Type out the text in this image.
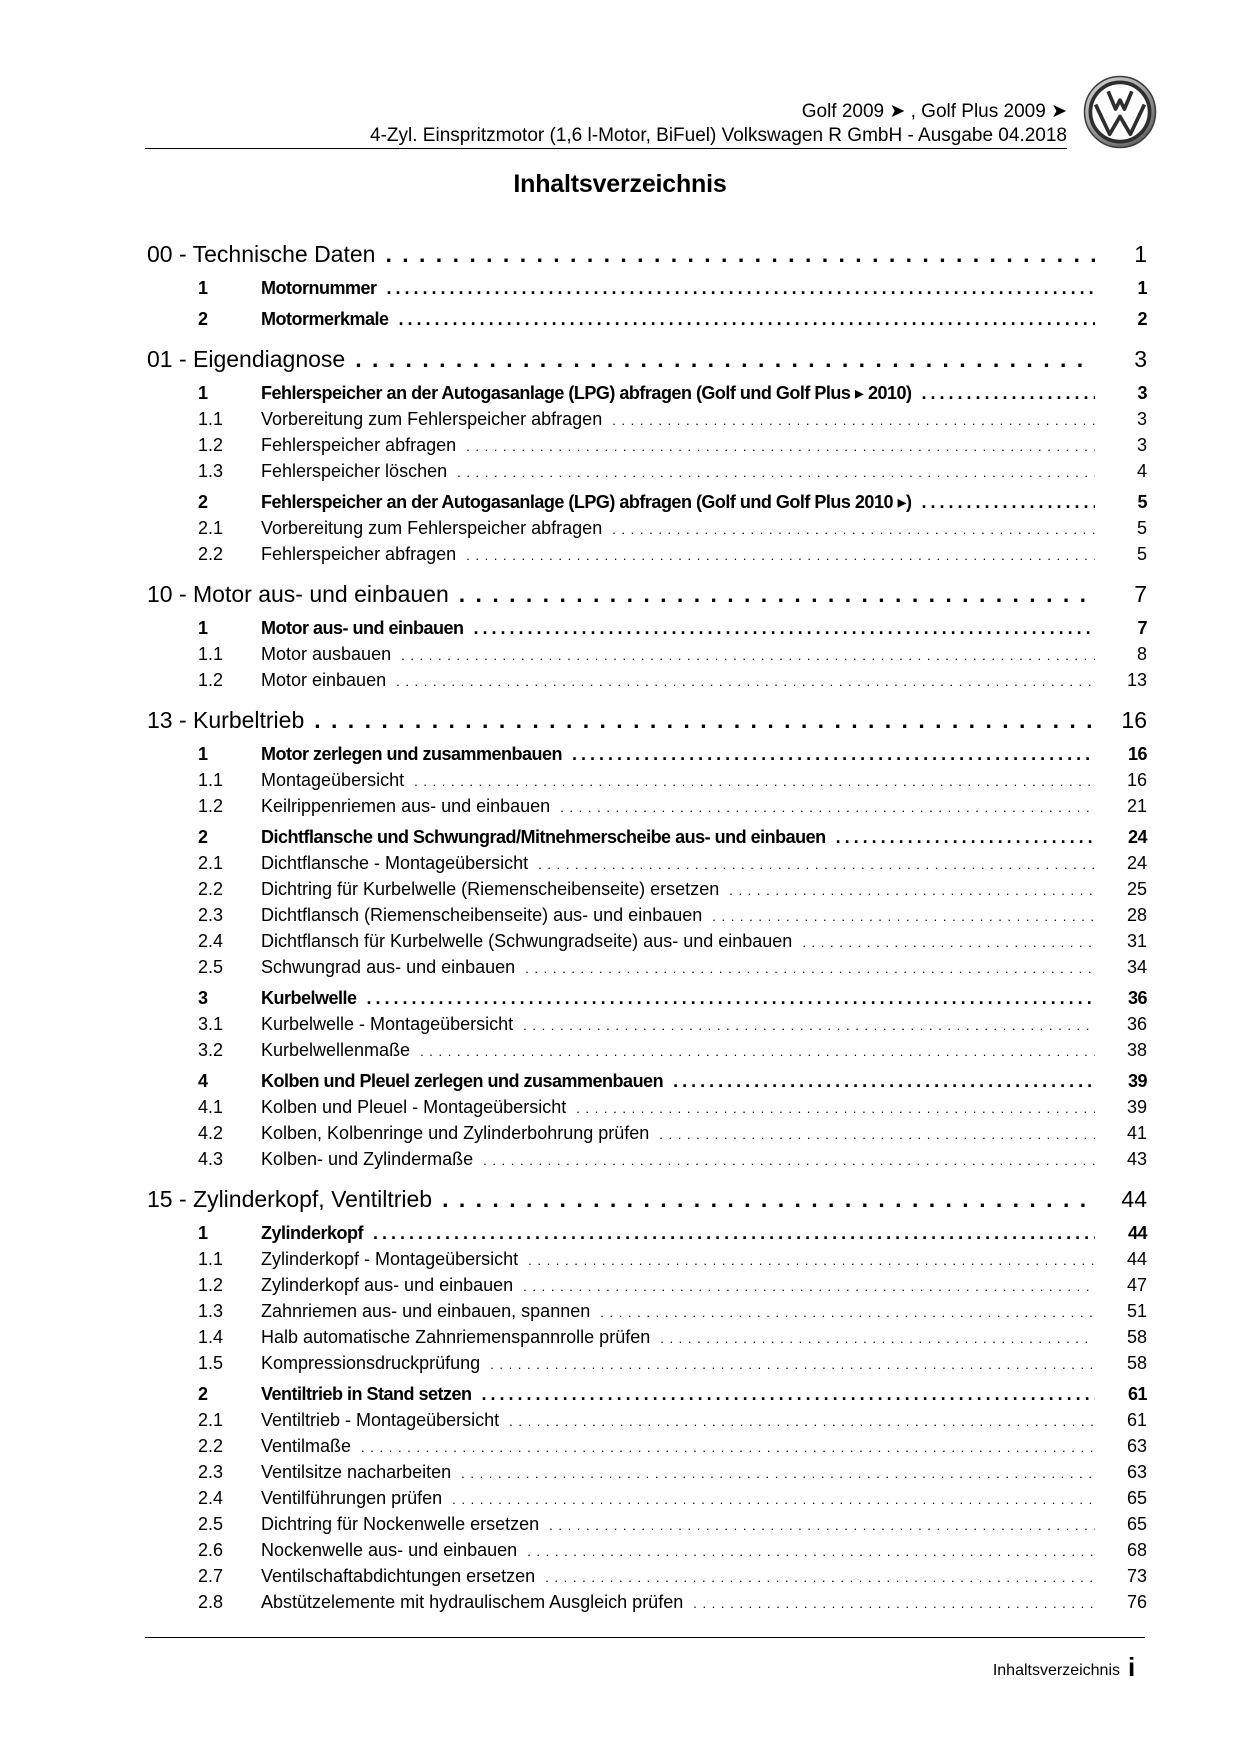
Golf 2009 ➤ , Golf Plus 2009 ➤
4-Zyl. Einspritzmotor (1,6 l-Motor, BiFuel) Volkswagen R GmbH - Ausgabe 04.2018
Inhaltsverzeichnis
00 - Technische Daten . . .	1
1	Motornummer . . .	1
2	Motormerkmale . . .	2
01 - Eigendiagnose . . .	3
1	Fehlerspeicher an der Autogasanlage (LPG) abfragen (Golf und Golf Plus ▸ 2010) . . .	3
1.1	Vorbereitung zum Fehlerspeicher abfragen . . .	3
1.2	Fehlerspeicher abfragen . . .	3
1.3	Fehlerspeicher löschen . . .	4
2	Fehlerspeicher an der Autogasanlage (LPG) abfragen (Golf und Golf Plus 2010 ▸) . . .	5
2.1	Vorbereitung zum Fehlerspeicher abfragen . . .	5
2.2	Fehlerspeicher abfragen . . .	5
10 - Motor aus- und einbauen . . .	7
1	Motor aus- und einbauen . . .	7
1.1	Motor ausbauen . . .	8
1.2	Motor einbauen . . .	13
13 - Kurbeltrieb . . .	16
1	Motor zerlegen und zusammenbauen . . .	16
1.1	Montageübersicht . . .	16
1.2	Keilrippenriemen aus- und einbauen . . .	21
2	Dichtflansche und Schwungrad/Mitnehmerscheibe aus- und einbauen . . .	24
2.1	Dichtflansche - Montageübersicht . . .	24
2.2	Dichtring für Kurbelwelle (Riemenscheibenseite) ersetzen . . .	25
2.3	Dichtflansch (Riemenscheibenseite) aus- und einbauen . . .	28
2.4	Dichtflansch für Kurbelwelle (Schwungradseite) aus- und einbauen . . .	31
2.5	Schwungrad aus- und einbauen . . .	34
3	Kurbelwelle . . .	36
3.1	Kurbelwelle - Montageübersicht . . .	36
3.2	Kurbelwellenmaße . . .	38
4	Kolben und Pleuel zerlegen und zusammenbauen . . .	39
4.1	Kolben und Pleuel - Montageübersicht . . .	39
4.2	Kolben, Kolbenringe und Zylinderbohrung prüfen . . .	41
4.3	Kolben- und Zylindermaße . . .	43
15 - Zylinderkopf, Ventiltrieb . . .	44
1	Zylinderkopf . . .	44
1.1	Zylinderkopf - Montageübersicht . . .	44
1.2	Zylinderkopf aus- und einbauen . . .	47
1.3	Zahnriemen aus- und einbauen, spannen . . .	51
1.4	Halb automatische Zahnriemenspannrolle prüfen . . .	58
1.5	Kompressionsdruckprüfung . . .	58
2	Ventiltrieb in Stand setzen . . .	61
2.1	Ventiltrieb - Montageübersicht . . .	61
2.2	Ventilmaße . . .	63
2.3	Ventilsitze nacharbeiten . . .	63
2.4	Ventilführungen prüfen . . .	65
2.5	Dichtring für Nockenwelle ersetzen . . .	65
2.6	Nockenwelle aus- und einbauen . . .	68
2.7	Ventilschaftabdichtungen ersetzen . . .	73
2.8	Abstützelemente mit hydraulischem Ausgleich prüfen . . .	76
Inhaltsverzeichnis i
